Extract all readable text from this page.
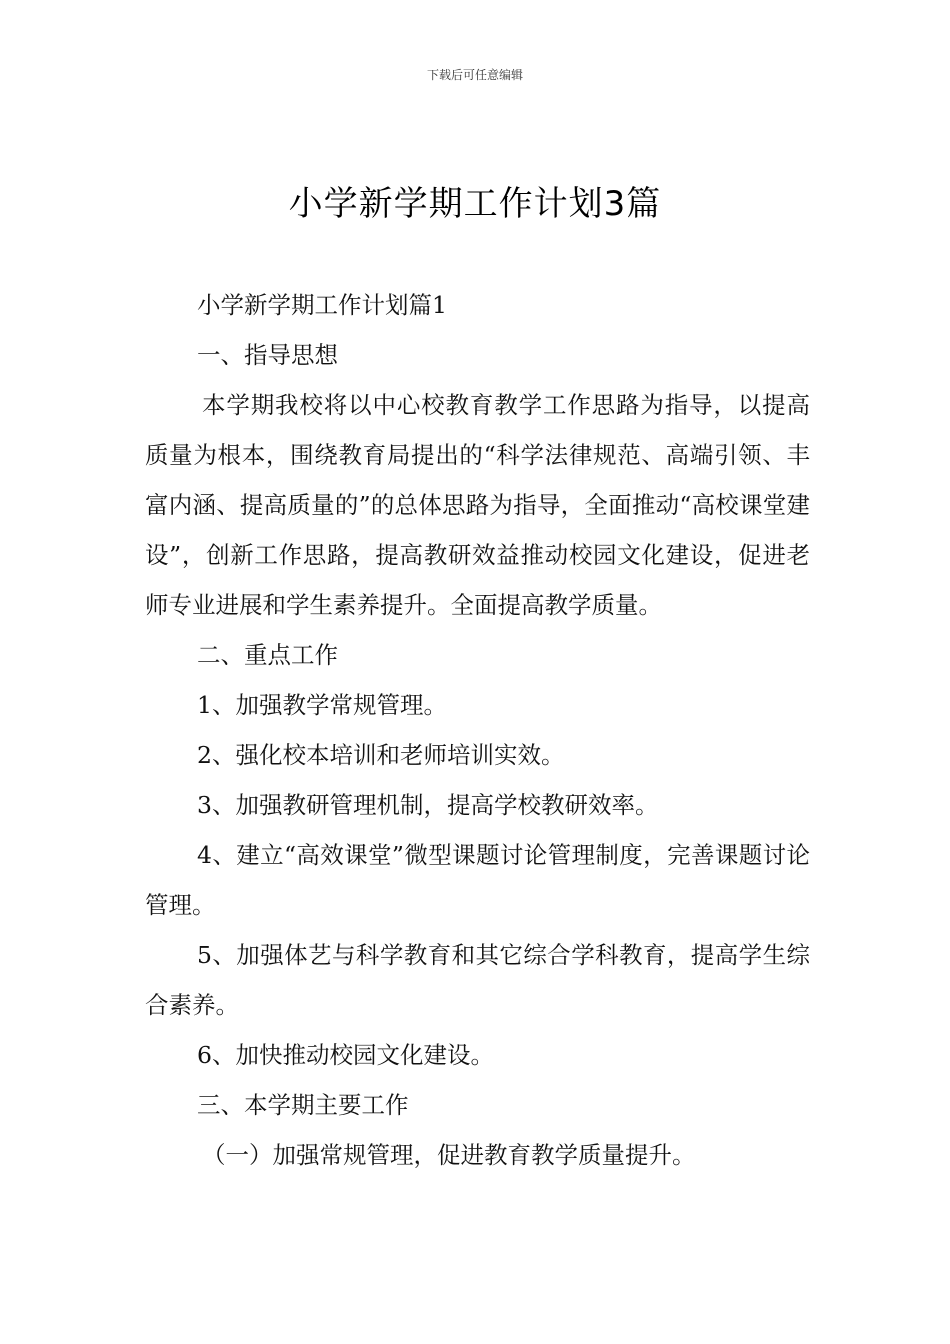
下载后可任意编辑
小学新学期工作计划3篇

小学新学期工作计划篇1

一、指导思想

本学期我校将以中心校教育教学工作思路为指导，以提高质量为根本，围绕教育局提出的“科学法律规范、高端引领、丰富内涵、提高质量的”的总体思路为指导，全面推动“高校课堂建设”，创新工作思路，提高教研效益推动校园文化建设，促进老师专业进展和学生素养提升。全面提高教学质量。

二、重点工作

1、加强教学常规管理。

2、强化校本培训和老师培训实效。

3、加强教研管理机制，提高学校教研效率。

4、建立“高效课堂”微型课题讨论管理制度，完善课题讨论管理。

5、加强体艺与科学教育和其它综合学科教育，提高学生综合素养。

6、加快推动校园文化建设。

三、本学期主要工作

（一）加强常规管理，促进教育教学质量提升。
